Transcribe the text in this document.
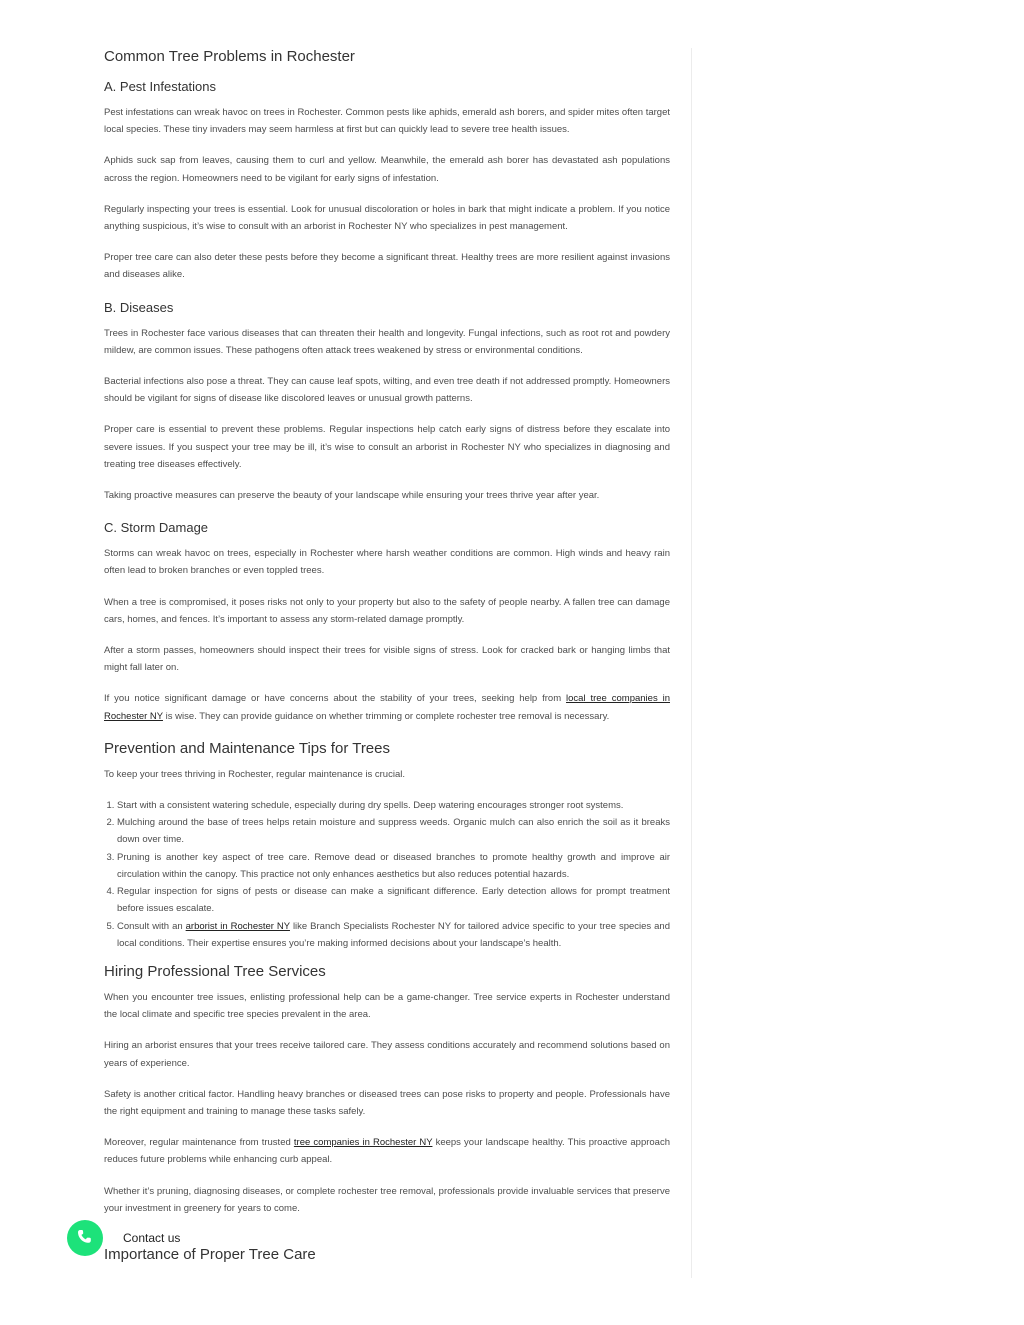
Common Tree Problems in Rochester
A. Pest Infestations

Pest infestations can wreak havoc on trees in Rochester. Common pests like aphids, emerald ash borers, and spider mites often target local species. These tiny invaders may seem harmless at first but can quickly lead to severe tree health issues.

Aphids suck sap from leaves, causing them to curl and yellow. Meanwhile, the emerald ash borer has devastated ash populations across the region. Homeowners need to be vigilant for early signs of infestation.

Regularly inspecting your trees is essential. Look for unusual discoloration or holes in bark that might indicate a problem. If you notice anything suspicious, it’s wise to consult with an arborist in Rochester NY who specializes in pest management.

Proper tree care can also deter these pests before they become a significant threat. Healthy trees are more resilient against invasions and diseases alike.

B. Diseases

Trees in Rochester face various diseases that can threaten their health and longevity. Fungal infections, such as root rot and powdery mildew, are common issues. These pathogens often attack trees weakened by stress or environmental conditions.

Bacterial infections also pose a threat. They can cause leaf spots, wilting, and even tree death if not addressed promptly. Homeowners should be vigilant for signs of disease like discolored leaves or unusual growth patterns.

Proper care is essential to prevent these problems. Regular inspections help catch early signs of distress before they escalate into severe issues. If you suspect your tree may be ill, it’s wise to consult an arborist in Rochester NY who specializes in diagnosing and treating tree diseases effectively.

Taking proactive measures can preserve the beauty of your landscape while ensuring your trees thrive year after year.

C. Storm Damage

Storms can wreak havoc on trees, especially in Rochester where harsh weather conditions are common. High winds and heavy rain often lead to broken branches or even toppled trees.

When a tree is compromised, it poses risks not only to your property but also to the safety of people nearby. A fallen tree can damage cars, homes, and fences. It’s important to assess any storm-related damage promptly.

After a storm passes, homeowners should inspect their trees for visible signs of stress. Look for cracked bark or hanging limbs that might fall later on.

If you notice significant damage or have concerns about the stability of your trees, seeking help from local tree companies in Rochester NY is wise. They can provide guidance on whether trimming or complete rochester tree removal is necessary.

Prevention and Maintenance Tips for Trees

To keep your trees thriving in Rochester, regular maintenance is crucial.

1. Start with a consistent watering schedule, especially during dry spells. Deep watering encourages stronger root systems.
2. Mulching around the base of trees helps retain moisture and suppress weeds. Organic mulch can also enrich the soil as it breaks down over time.
3. Pruning is another key aspect of tree care. Remove dead or diseased branches to promote healthy growth and improve air circulation within the canopy. This practice not only enhances aesthetics but also reduces potential hazards.
4. Regular inspection for signs of pests or disease can make a significant difference. Early detection allows for prompt treatment before issues escalate.
5. Consult with an arborist in Rochester NY like Branch Specialists Rochester NY for tailored advice specific to your tree species and local conditions. Their expertise ensures you’re making informed decisions about your landscape’s health.
Hiring Professional Tree Services

When you encounter tree issues, enlisting professional help can be a game-changer. Tree service experts in Rochester understand the local climate and specific tree species prevalent in the area.

Hiring an arborist ensures that your trees receive tailored care. They assess conditions accurately and recommend solutions based on years of experience.

Safety is another critical factor. Handling heavy branches or diseased trees can pose risks to property and people. Professionals have the right equipment and training to manage these tasks safely.

Moreover, regular maintenance from trusted tree companies in Rochester NY keeps your landscape healthy. This proactive approach reduces future problems while enhancing curb appeal.

Whether it’s pruning, diagnosing diseases, or complete rochester tree removal, professionals provide invaluable services that preserve your investment in greenery for years to come.

Importance of Proper Tree Care
Contact us
